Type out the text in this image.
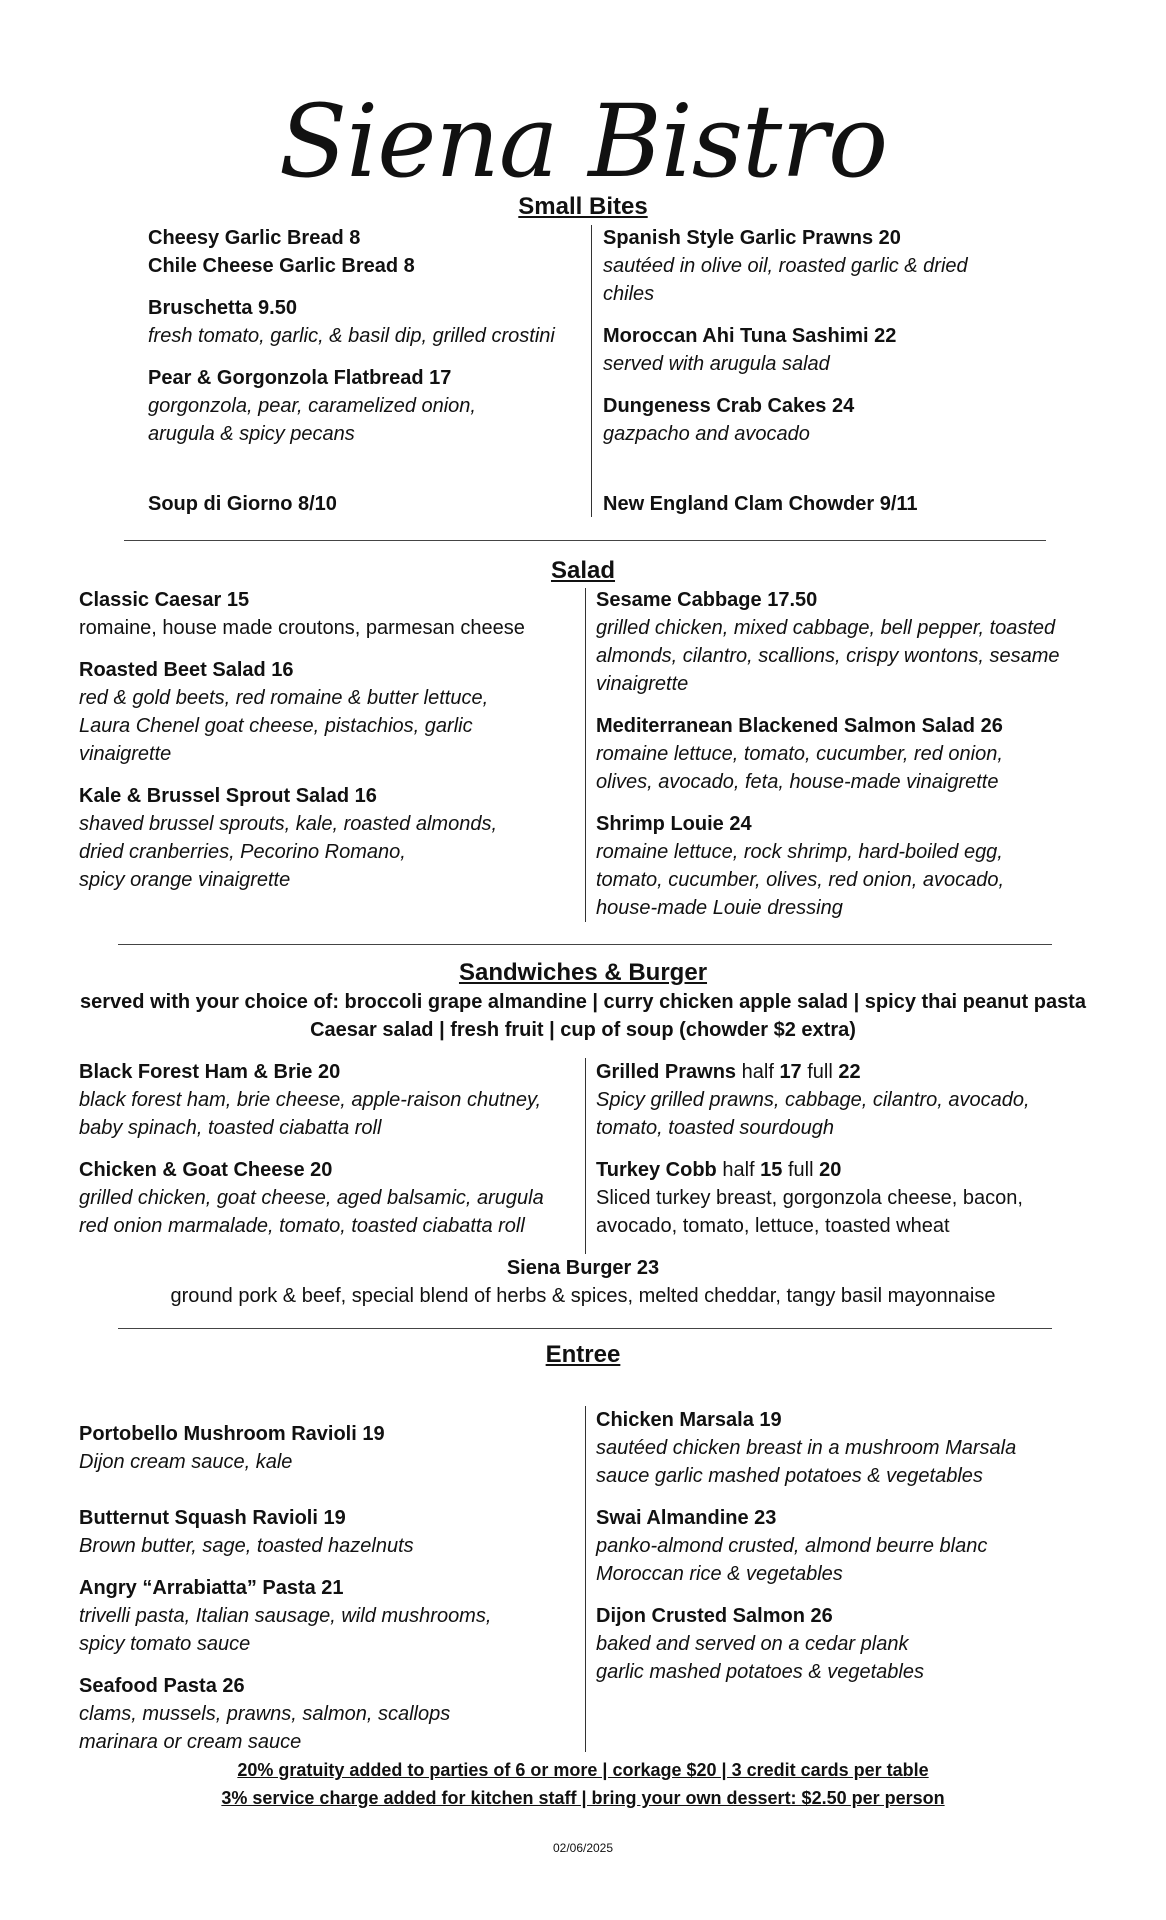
Siena Bistro
Small Bites
Cheesy Garlic Bread 8
Chile Cheese Garlic Bread 8
Bruschetta 9.50
fresh tomato, garlic, & basil dip, grilled crostini
Pear & Gorgonzola Flatbread 17
gorgonzola, pear, caramelized onion,
arugula & spicy pecans
Soup di Giorno 8/10
Spanish Style Garlic Prawns 20
sautéed in olive oil, roasted garlic & dried
chiles
Moroccan Ahi Tuna Sashimi 22
served with arugula salad
Dungeness Crab Cakes 24
gazpacho and avocado
New England Clam Chowder 9/11
Salad
Classic Caesar 15
romaine, house made croutons, parmesan cheese
Roasted Beet Salad 16
red & gold beets, red romaine & butter lettuce,
Laura Chenel goat cheese, pistachios, garlic
vinaigrette
Kale & Brussel Sprout Salad 16
shaved brussel sprouts, kale, roasted almonds,
dried cranberries, Pecorino Romano,
spicy orange vinaigrette
Sesame Cabbage 17.50
grilled chicken, mixed cabbage, bell pepper, toasted
almonds, cilantro, scallions, crispy wontons, sesame
vinaigrette
Mediterranean Blackened Salmon Salad 26
romaine lettuce, tomato, cucumber, red onion,
olives, avocado, feta, house-made vinaigrette
Shrimp Louie 24
romaine lettuce, rock shrimp, hard-boiled egg,
tomato, cucumber, olives, red onion, avocado,
house-made Louie dressing
Sandwiches & Burger
served with your choice of: broccoli grape almandine | curry chicken apple salad | spicy thai peanut pasta
Caesar salad | fresh fruit | cup of soup (chowder $2 extra)
Black Forest Ham & Brie 20
black forest ham, brie cheese, apple-raison chutney,
baby spinach, toasted ciabatta roll
Chicken & Goat Cheese 20
grilled chicken, goat cheese, aged balsamic, arugula
red onion marmalade, tomato, toasted ciabatta roll
Grilled Prawns half 17 full 22
Spicy grilled prawns, cabbage, cilantro, avocado,
tomato, toasted sourdough
Turkey Cobb half 15 full 20
Sliced turkey breast, gorgonzola cheese, bacon,
avocado, tomato, lettuce, toasted wheat
Siena Burger 23
ground pork & beef, special blend of herbs & spices, melted cheddar, tangy basil mayonnaise
Entree
Portobello Mushroom Ravioli 19
Dijon cream sauce, kale
Butternut Squash Ravioli 19
Brown butter, sage, toasted hazelnuts
Angry “Arrabiatta” Pasta 21
trivelli pasta, Italian sausage, wild mushrooms,
spicy tomato sauce
Seafood Pasta 26
clams, mussels, prawns, salmon, scallops
marinara or cream sauce
Chicken Marsala 19
sautéed chicken breast in a mushroom Marsala
sauce garlic mashed potatoes & vegetables
Swai Almandine 23
panko-almond crusted, almond beurre blanc
Moroccan rice & vegetables
Dijon Crusted Salmon 26
baked and served on a cedar plank
garlic mashed potatoes & vegetables
20% gratuity added to parties of 6 or more | corkage $20 | 3 credit cards per table
3% service charge added for kitchen staff | bring your own dessert: $2.50 per person
02/06/2025
